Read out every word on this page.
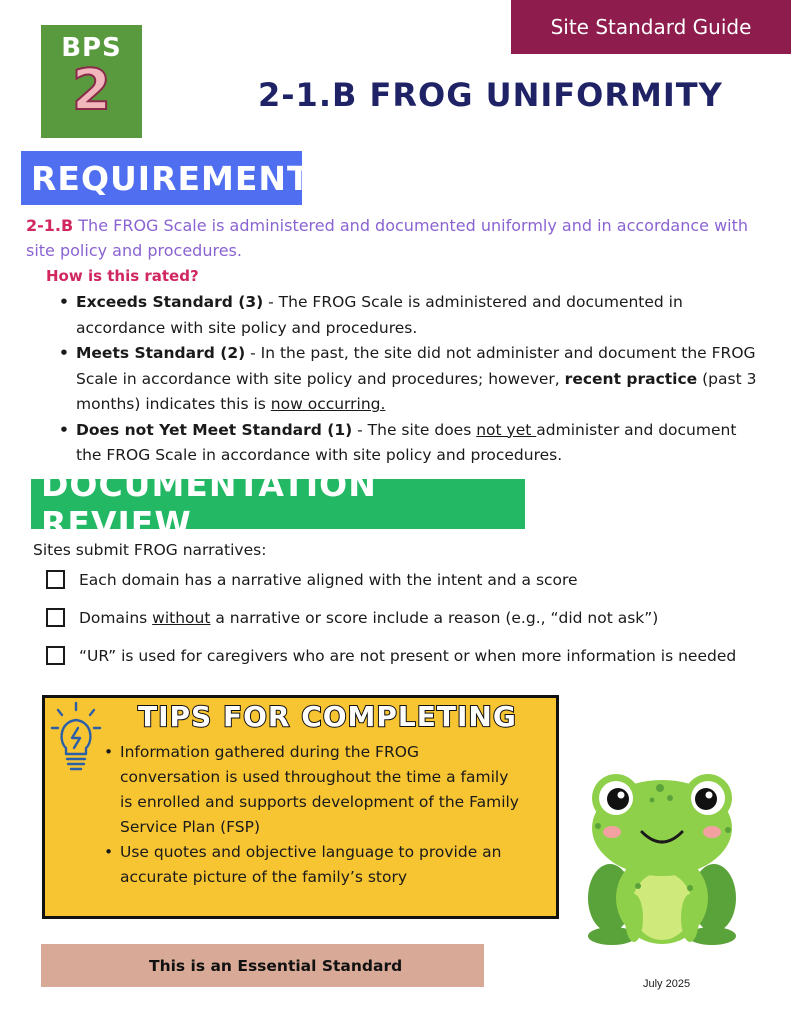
Site Standard Guide
BPS
2	2-1.B FROG UNIFORMITY
REQUIREMENT
2-1.B The FROG Scale is administered and documented uniformly and in accordance with site policy and procedures.
How is this rated?
• Exceeds Standard (3) - The FROG Scale is administered and documented in accordance with site policy and procedures.
• Meets Standard (2) - In the past, the site did not administer and document the FROG Scale in accordance with site policy and procedures; however, recent practice (past 3 months) indicates this is now occurring.
• Does not Yet Meet Standard (1) - The site does not yet administer and document the FROG Scale in accordance with site policy and procedures.
DOCUMENTATION REVIEW
Sites submit FROG narratives:
Each domain has a narrative aligned with the intent and a score
Domains without a narrative or score include a reason (e.g., “did not ask”)
“UR” is used for caregivers who are not present or when more information is needed
TIPS FOR COMPLETING
• Information gathered during the FROG conversation is used throughout the time a family is enrolled and supports development of the Family Service Plan (FSP)
• Use quotes and objective language to provide an accurate picture of the family’s story
This is an Essential Standard
July 2025
